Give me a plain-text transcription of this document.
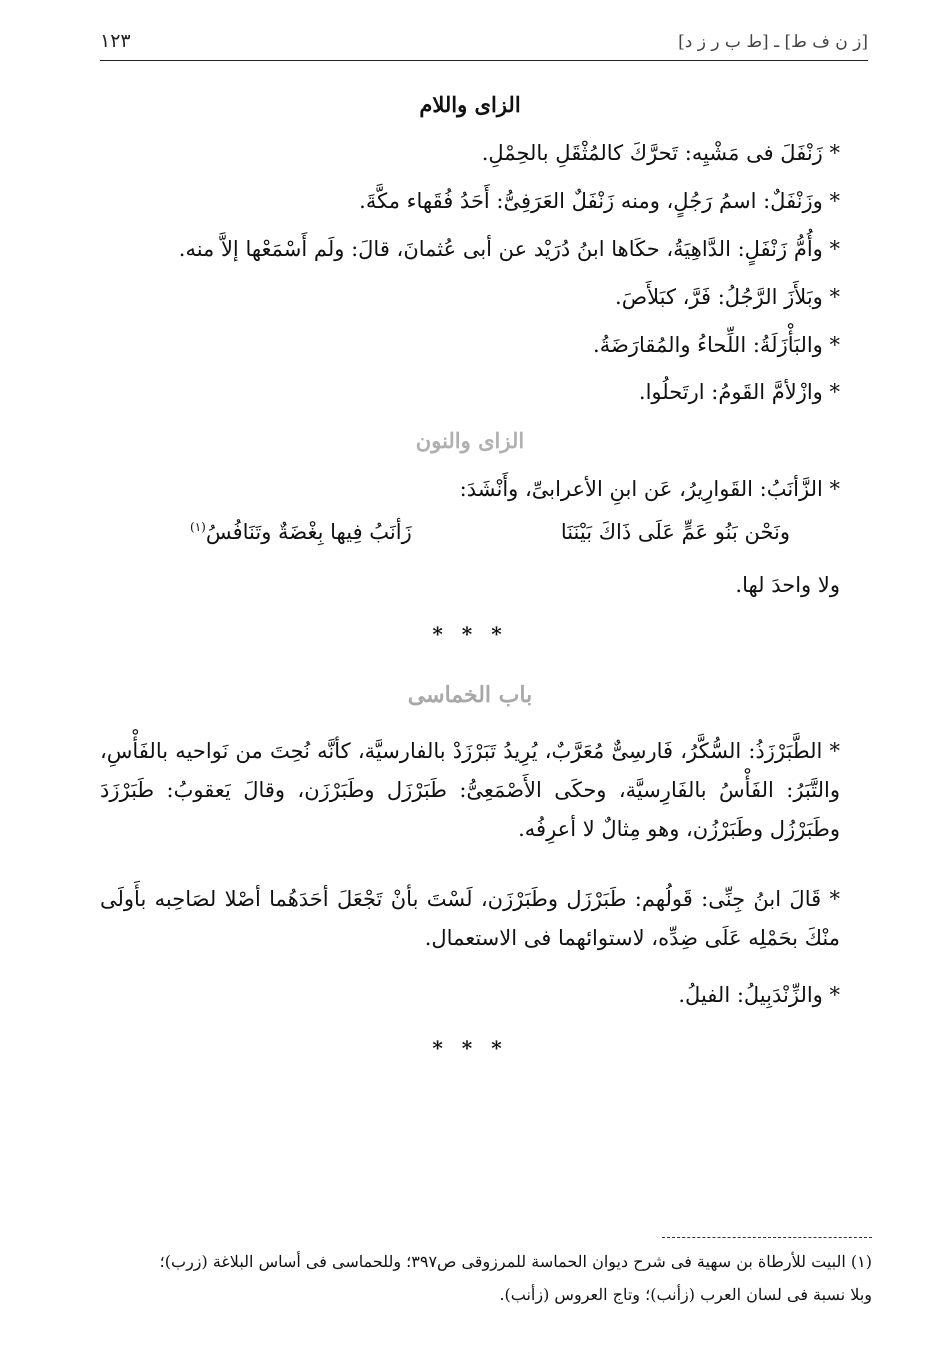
[ز ن ف ط] ـ [ط ب ر ز د]
١٢٣
الزاى واللام
* زَنْفَلَ فى مَشْيِه: تَحرَّكَ كالمُثْقَلِ بالحِمْلِ.
* وزَنْفَلٌ: اسمُ رَجُلٍ، ومنه زَنْفَلٌ العَرَفِىُّ: أَحَدُ فُقَهاء مكَّةَ.
* وأُمُّ زَنْفَلٍ: الدَّاهِيَةُ، حكَاها ابنُ دُرَيْد عن أبى عُثمانَ، قالَ: ولَم أَسْمَعْها إلاَّ منه.
* وبَلأَزَ الرَّجُلُ: فَرَّ، كبَلأَصَ.
* والبَأْزَلَةُ: اللِّحاءُ والمُقارَضَةُ.
* وازْلأمَّ القَومُ: ارتَحلُوا.
الزاى والنون
* الزَّأنَبُ: القَوارِيرُ، عَن ابنِ الأعرابىِّ، وأَنْشَدَ:
ونَحْن بَنُو عَمٍّ عَلَى ذَاكَ بَيْنَنَا
زَأنَبُ فِيها بِغْضَةٌ وتَنَافُسُ$^{(١)}$
ولا واحدَ لها.
* * *
باب الخماسى
* الطَّبَرْزَذُ: السُّكَّرُ، فَارسِىٌّ مُعَرَّبٌ، يُرِيدُ تَبَرْزَدْ بالفارسيَّة، كأنَّه نُحِتَ من نَواحيه بالفَأْسِ، والتَّبَرُ: الفَأْسُ بالفَارِسيَّة، وحكَى الأَصْمَعِىُّ: طَبَرْزَل وطَبَرْزَن، وقالَ يَعقوبُ: طَبَرْزَدَ وطَبَرْزُل وطَبَرْزُن، وهو مِثالٌ لا أعرِفُه.
* قَالَ ابنُ جِنِّى: قَولُهم: طَبَرْزَل وطَبَرْزَن، لَسْتَ بأنْ تَجْعَلَ أحَدَهُما أصْلا لصَاحِبه بأَولَى منْكَ بحَمْلِه عَلَى ضِدِّه، لاستوائهما فى الاستعمال.
* والزِّنْدَبِيلُ: الفيلُ.
* * *
(١) البيت للأرطاة بن سهية فى شرح ديوان الحماسة للمرزوقى ص٣٩٧؛ وللحماسى فى أساس البلاغة (زرب)؛
وبلا نسبة فى لسان العرب (زأنب)؛ وتاج العروس (زأنب).
